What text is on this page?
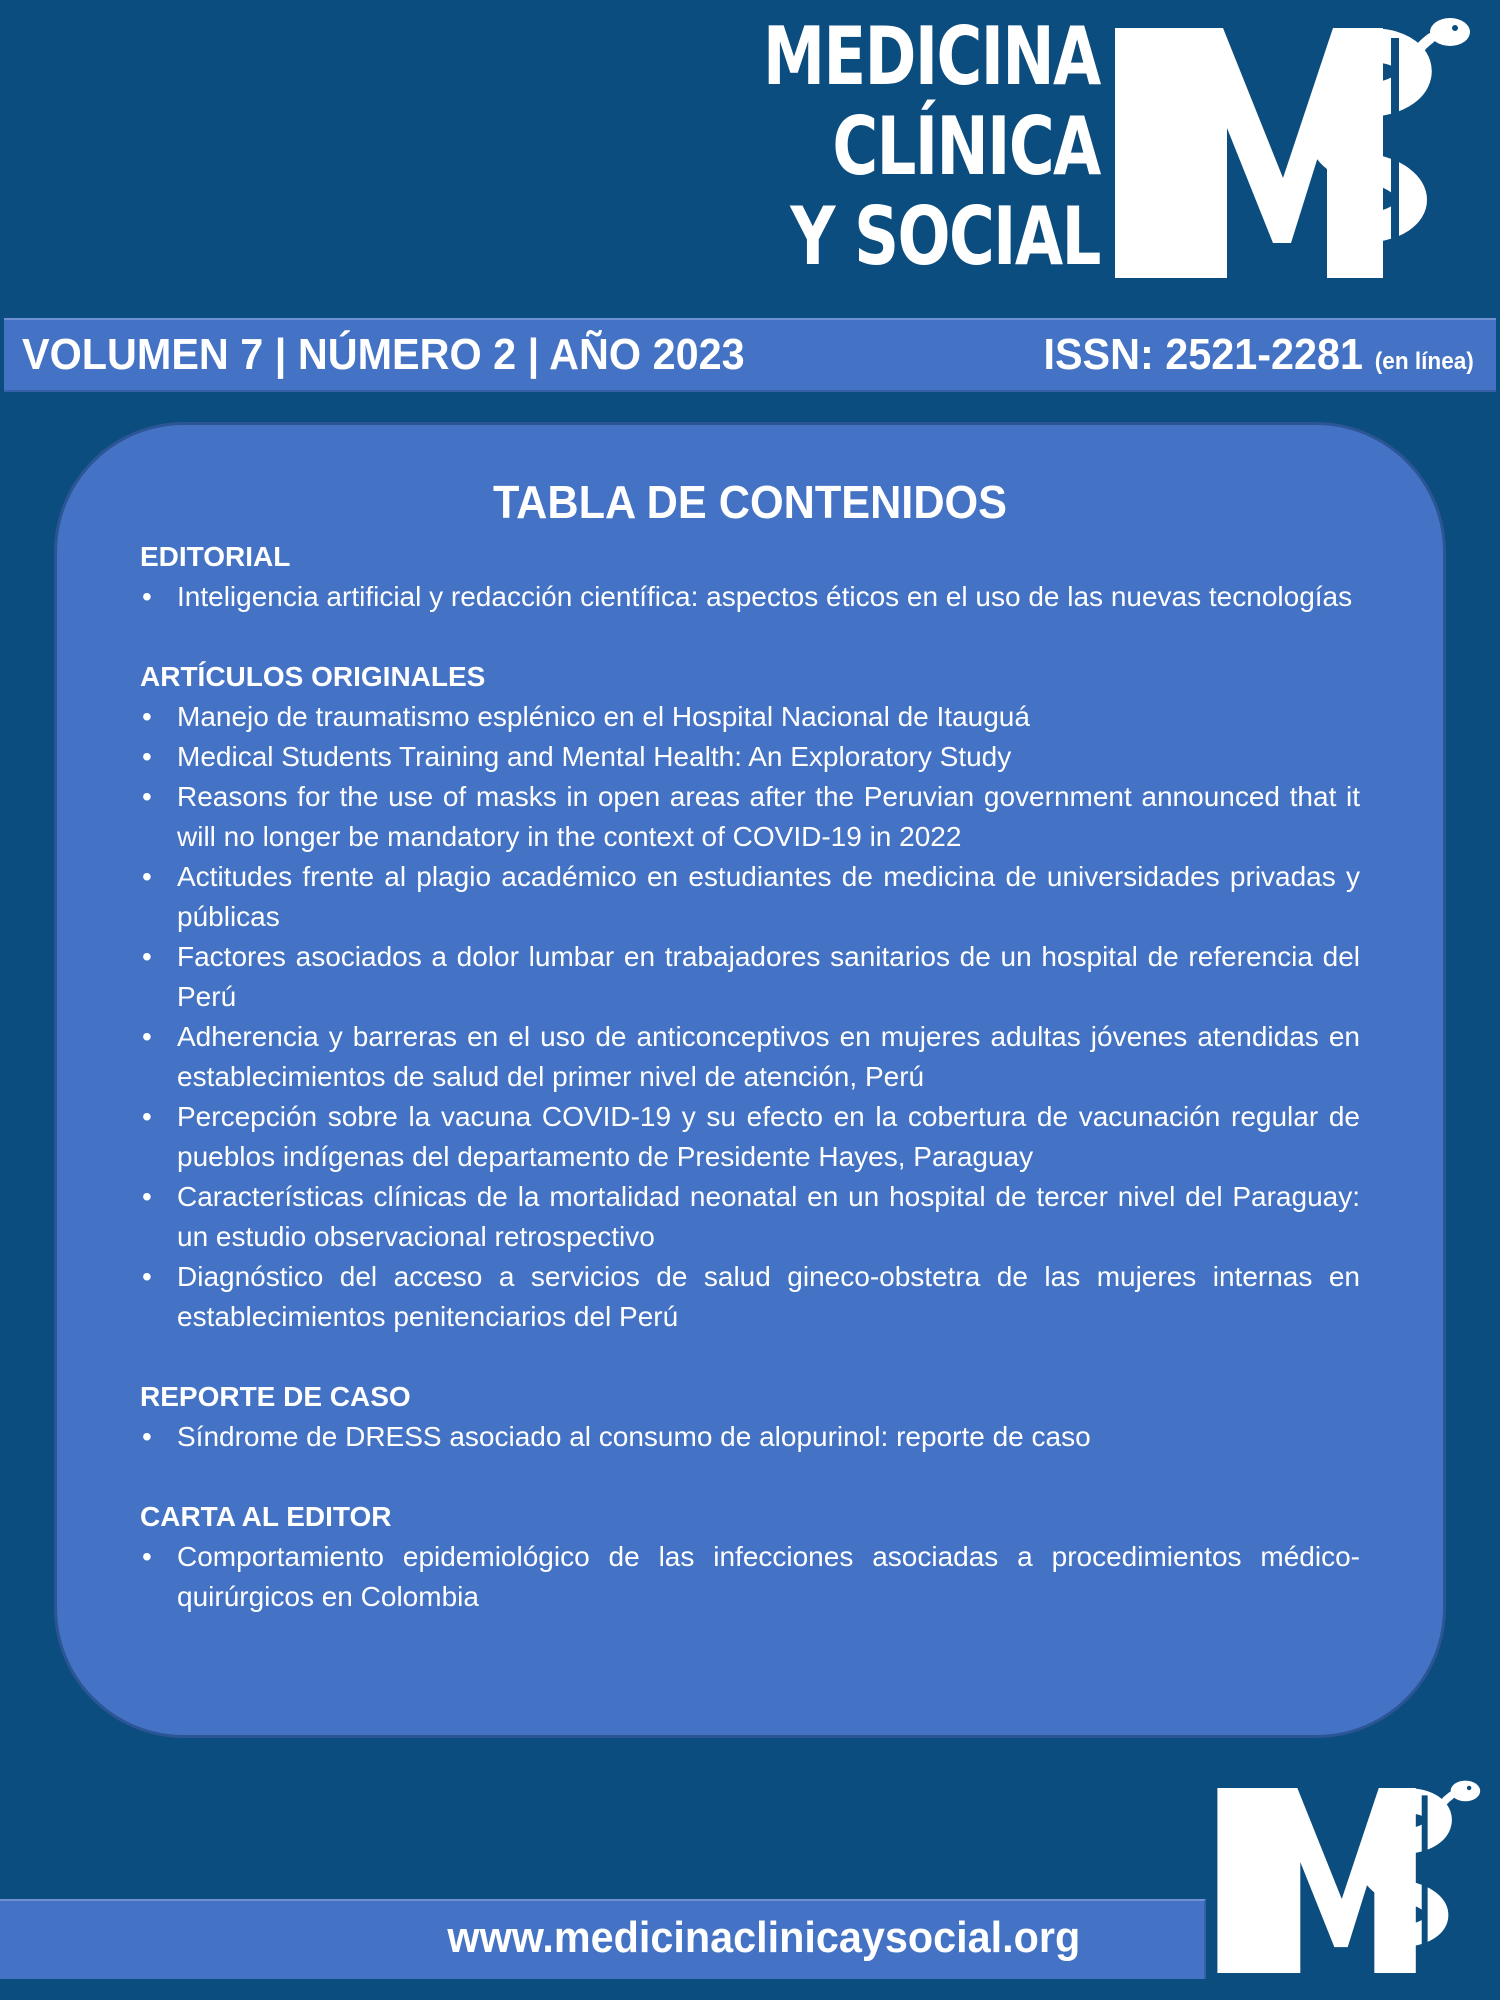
MEDICINA
CLÍNICA
Y SOCIAL
VOLUMEN 7 | NÚMERO 2 | AÑO 2023	ISSN: 2521-2281 (en línea)
TABLA DE CONTENIDOS
EDITORIAL
• Inteligencia artificial y redacción científica: aspectos éticos en el uso de las nuevas tecnologías
ARTÍCULOS ORIGINALES
• Manejo de traumatismo esplénico en el Hospital Nacional de Itauguá
• Medical Students Training and Mental Health: An Exploratory Study
• Reasons for the use of masks in open areas after the Peruvian government announced that it will no longer be mandatory in the context of COVID-19 in 2022
• Actitudes frente al plagio académico en estudiantes de medicina de universidades privadas y públicas
• Factores asociados a dolor lumbar en trabajadores sanitarios de un hospital de referencia del Perú
• Adherencia y barreras en el uso de anticonceptivos en mujeres adultas jóvenes atendidas en establecimientos de salud del primer nivel de atención, Perú
• Percepción sobre la vacuna COVID-19 y su efecto en la cobertura de vacunación regular de pueblos indígenas del departamento de Presidente Hayes, Paraguay
• Características clínicas de la mortalidad neonatal en un hospital de tercer nivel del Paraguay: un estudio observacional retrospectivo
• Diagnóstico del acceso a servicios de salud gineco-obstetra de las mujeres internas en establecimientos penitenciarios del Perú
REPORTE DE CASO
• Síndrome de DRESS asociado al consumo de alopurinol: reporte de caso
CARTA AL EDITOR
• Comportamiento epidemiológico de las infecciones asociadas a procedimientos médico-quirúrgicos en Colombia
www.medicinaclinicaysocial.org
